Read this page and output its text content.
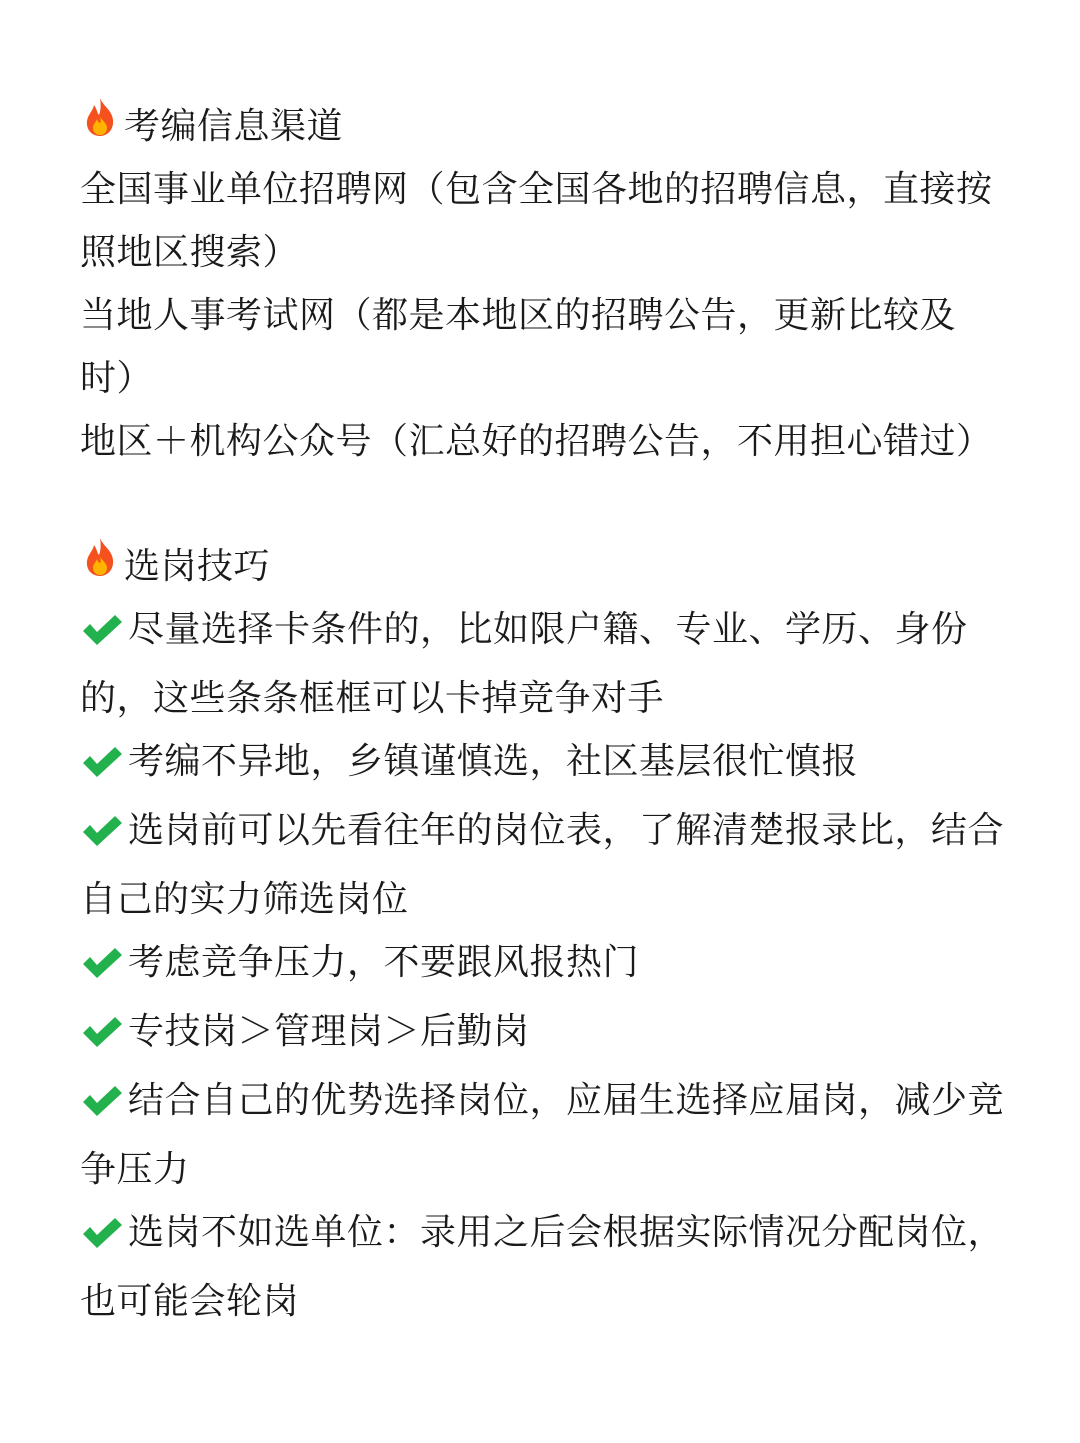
考编信息渠道

全国事业单位招聘网（包含全国各地的招聘信息，直接按照地区搜索）

当地人事考试网（都是本地区的招聘公告，更新比较及时）

地区＋机构公众号（汇总好的招聘公告，不用担心错过）

选岗技巧

尽量选择卡条件的，比如限户籍、专业、学历、身份的，这些条条框框可以卡掉竞争对手

考编不异地，乡镇谨慎选，社区基层很忙慎报

选岗前可以先看往年的岗位表，了解清楚报录比，结合自己的实力筛选岗位

考虑竞争压力，不要跟风报热门

专技岗＞管理岗＞后勤岗

结合自己的优势选择岗位，应届生选择应届岗，减少竞争压力

选岗不如选单位：录用之后会根据实际情况分配岗位，也可能会轮岗
